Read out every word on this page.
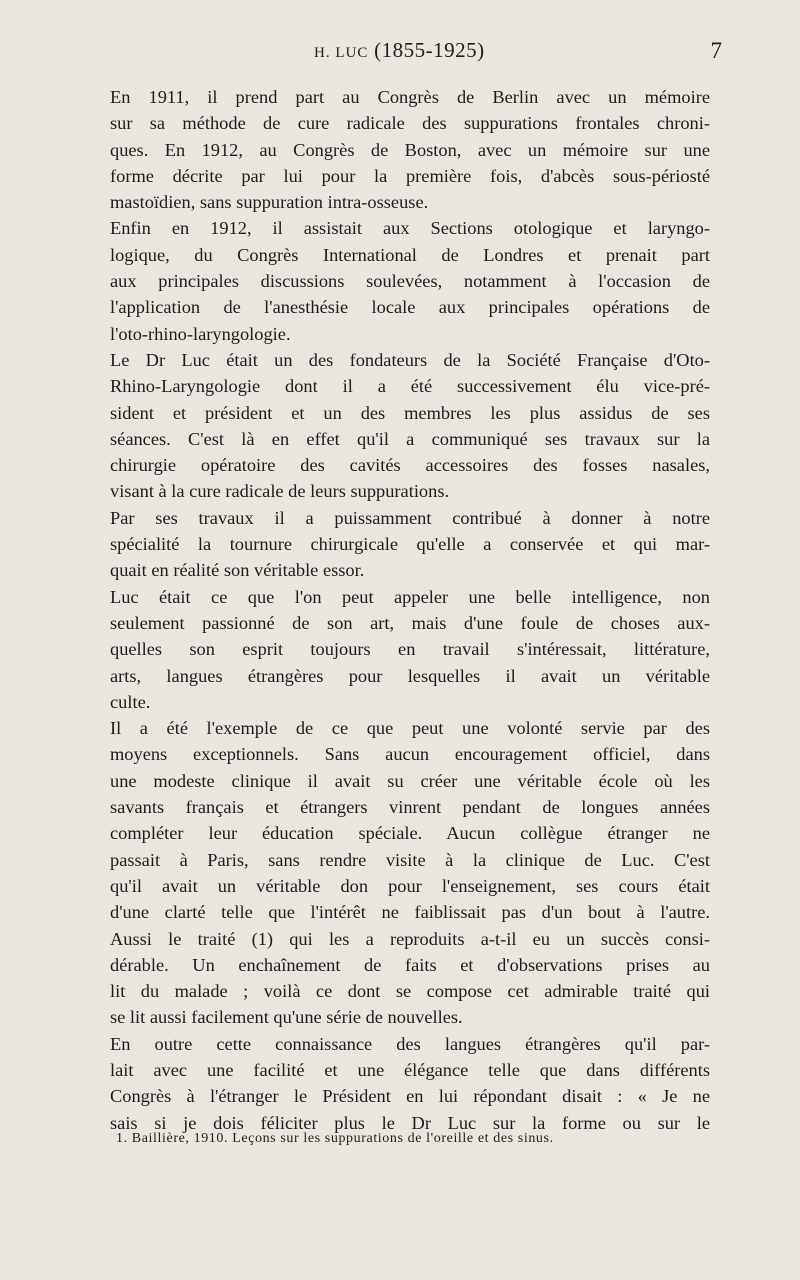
H. LUC (1855-1925)	7

En 1911, il prend part au Congrès de Berlin avec un mémoire
sur sa méthode de cure radicale des suppurations frontales chroni-
ques. En 1912, au Congrès de Boston, avec un mémoire sur une
forme décrite par lui pour la première fois, d'abcès sous-périosté
mastoïdien, sans suppuration intra-osseuse.

Enfin en 1912, il assistait aux Sections otologique et laryngo-
logique, du Congrès International de Londres et prenait part
aux principales discussions soulevées, notamment à l'occasion de
l'application de l'anesthésie locale aux principales opérations de
l'oto-rhino-laryngologie.

Le Dr Luc était un des fondateurs de la Société Française d'Oto-
Rhino-Laryngologie dont il a été successivement élu vice-pré-
sident et président et un des membres les plus assidus de ses
séances. C'est là en effet qu'il a communiqué ses travaux sur la
chirurgie opératoire des cavités accessoires des fosses nasales,
visant à la cure radicale de leurs suppurations.

Par ses travaux il a puissamment contribué à donner à notre
spécialité la tournure chirurgicale qu'elle a conservée et qui mar-
quait en réalité son véritable essor.

Luc était ce que l'on peut appeler une belle intelligence, non
seulement passionné de son art, mais d'une foule de choses aux-
quelles son esprit toujours en travail s'intéressait, littérature,
arts, langues étrangères pour lesquelles il avait un véritable
culte.

Il a été l'exemple de ce que peut une volonté servie par des
moyens exceptionnels. Sans aucun encouragement officiel, dans
une modeste clinique il avait su créer une véritable école où les
savants français et étrangers vinrent pendant de longues années
compléter leur éducation spéciale. Aucun collègue étranger ne
passait à Paris, sans rendre visite à la clinique de Luc. C'est
qu'il avait un véritable don pour l'enseignement, ses cours était
d'une clarté telle que l'intérêt ne faiblissait pas d'un bout à l'autre.
Aussi le traité (1) qui les a reproduits a-t-il eu un succès consi-
dérable. Un enchaînement de faits et d'observations prises au
lit du malade ; voilà ce dont se compose cet admirable traité qui
se lit aussi facilement qu'une série de nouvelles.

En outre cette connaissance des langues étrangères qu'il par-
lait avec une facilité et une élégance telle que dans différents
Congrès à l'étranger le Président en lui répondant disait : « Je ne
sais si je dois féliciter plus le Dr Luc sur la forme ou sur le

1. Baillière, 1910. Leçons sur les suppurations de l'oreille et des sinus.
